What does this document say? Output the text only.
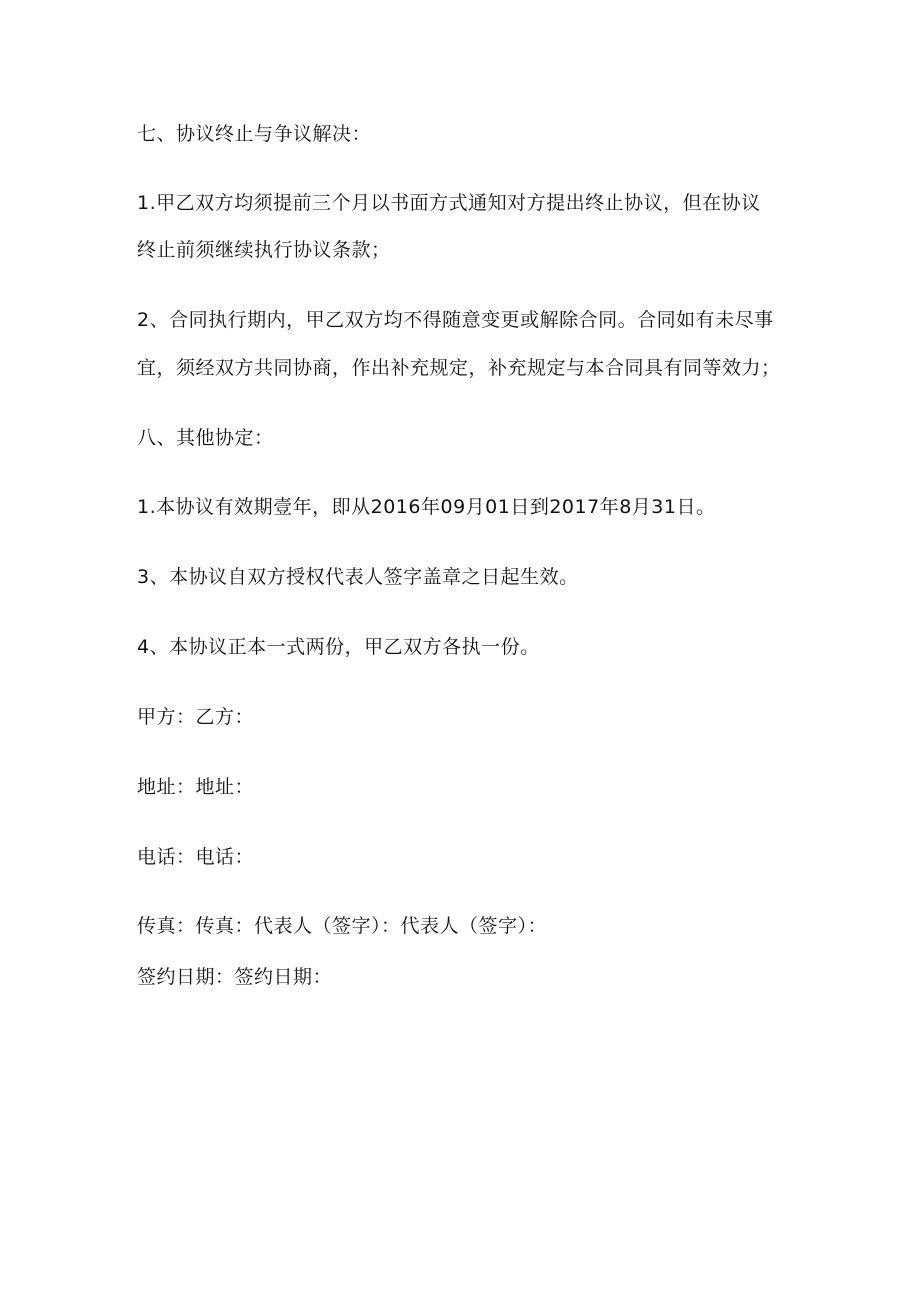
七、协议终止与争议解决：
1.甲乙双方均须提前三个月以书面方式通知对方提出终止协议，但在协议
终止前须继续执行协议条款；
2、合同执行期内，甲乙双方均不得随意变更或解除合同。合同如有未尽事
宜，须经双方共同协商，作出补充规定，补充规定与本合同具有同等效力；
八、其他协定：
1.本协议有效期壹年，即从2016年09月01日到2017年8月31日。
3、本协议自双方授权代表人签字盖章之日起生效。
4、本协议正本一式两份，甲乙双方各执一份。
甲方：乙方：
地址：地址：
电话：电话：
传真：传真：代表人（签字）：代表人（签字）：
签约日期：签约日期：
